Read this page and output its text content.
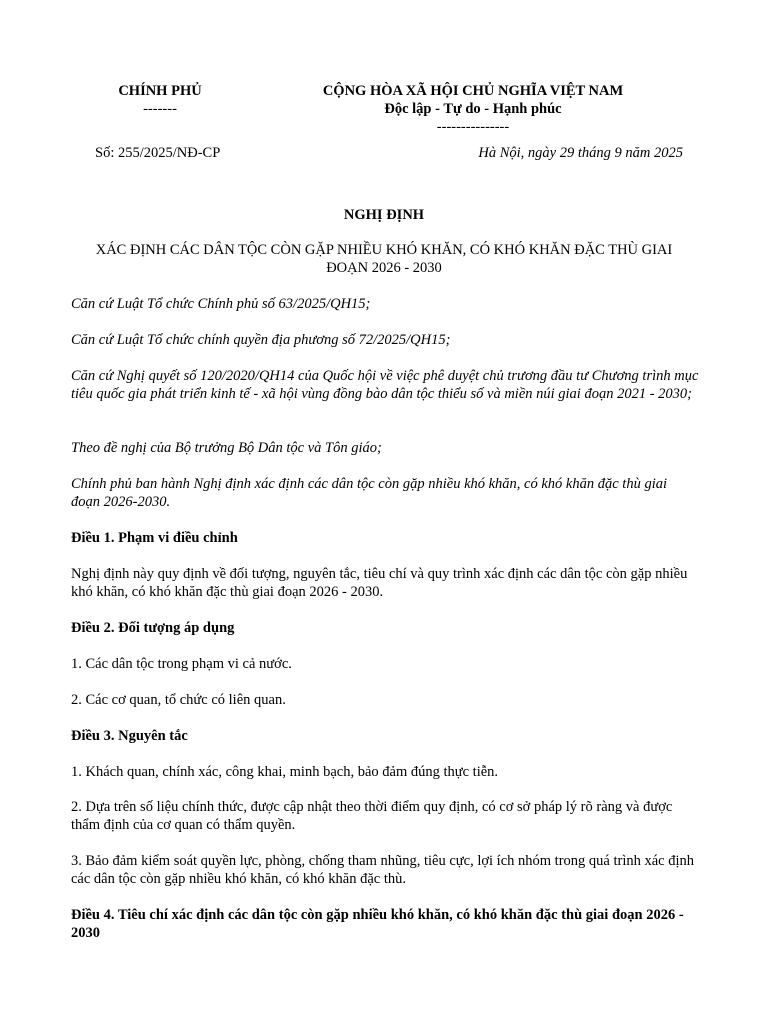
CHÍNH PHỦ
-------
CỘNG HÒA XÃ HỘI CHỦ NGHĨA VIỆT NAM
Độc lập - Tự do - Hạnh phúc
---------------
Số: 255/2025/NĐ-CP	Hà Nội, ngày 29 tháng 9 năm 2025
NGHỊ ĐỊNH
XÁC ĐỊNH CÁC DÂN TỘC CÒN GẶP NHIỀU KHÓ KHĂN, CÓ KHÓ KHĂN ĐẶC THÙ GIAI
ĐOẠN 2026 - 2030
Căn cứ Luật Tổ chức Chính phủ số 63/2025/QH15;
Căn cứ Luật Tổ chức chính quyền địa phương số 72/2025/QH15;
Căn cứ Nghị quyết số 120/2020/QH14 của Quốc hội về việc phê duyệt chủ trương đầu tư Chương trình mục tiêu quốc gia phát triển kinh tế - xã hội vùng đồng bào dân tộc thiểu số và miền núi giai đoạn 2021 - 2030;
Theo đề nghị của Bộ trưởng Bộ Dân tộc và Tôn giáo;
Chính phủ ban hành Nghị định xác định các dân tộc còn gặp nhiều khó khăn, có khó khăn đặc thù giai đoạn 2026-2030.
Điều 1. Phạm vi điều chỉnh
Nghị định này quy định về đối tượng, nguyên tắc, tiêu chí và quy trình xác định các dân tộc còn gặp nhiều khó khăn, có khó khăn đặc thù giai đoạn 2026 - 2030.
Điều 2. Đối tượng áp dụng
1. Các dân tộc trong phạm vi cả nước.
2. Các cơ quan, tổ chức có liên quan.
Điều 3. Nguyên tắc
1. Khách quan, chính xác, công khai, minh bạch, bảo đảm đúng thực tiễn.
2. Dựa trên số liệu chính thức, được cập nhật theo thời điểm quy định, có cơ sở pháp lý rõ ràng và được thẩm định của cơ quan có thẩm quyền.
3. Bảo đảm kiểm soát quyền lực, phòng, chống tham nhũng, tiêu cực, lợi ích nhóm trong quá trình xác định các dân tộc còn gặp nhiều khó khăn, có khó khăn đặc thù.
Điều 4. Tiêu chí xác định các dân tộc còn gặp nhiều khó khăn, có khó khăn đặc thù giai đoạn 2026 - 2030
